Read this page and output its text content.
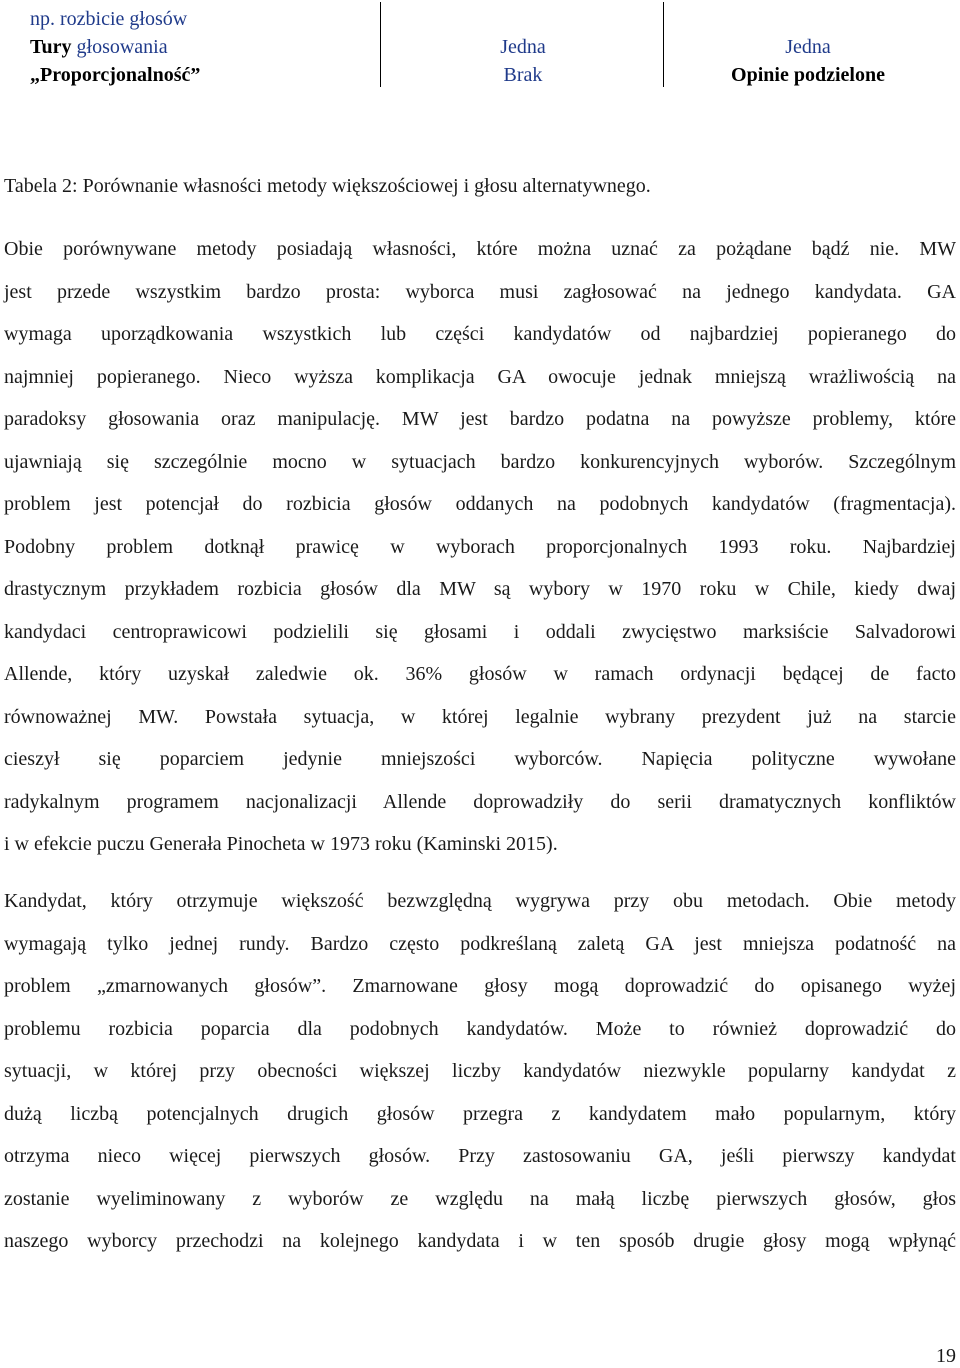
np. rozbicie głosów
Tury głosowania
„Proporcjonalność”
Jedna
Brak
Jedna
Opinie podzielone
Tabela 2: Porównanie własności metody większościowej i głosu alternatywnego.
Obie porównywane metody posiadają własności, które można uznać za pożądane bądź nie. MW
jest przede wszystkim bardzo prosta: wyborca musi zagłosować na jednego kandydata. GA
wymaga uporządkowania wszystkich lub części kandydatów od najbardziej popieranego do
najmniej popieranego. Nieco wyższa komplikacja GA owocuje jednak mniejszą wrażliwością na
paradoksy głosowania oraz manipulację. MW jest bardzo podatna na powyższe problemy, które
ujawniają się szczególnie mocno w sytuacjach bardzo konkurencyjnych wyborów. Szczególnym
problem jest potencjał do rozbicia głosów oddanych na podobnych kandydatów (fragmentacja).
Podobny problem dotknął prawicę w wyborach proporcjonalnych 1993 roku. Najbardziej
drastycznym przykładem rozbicia głosów dla MW są wybory w 1970 roku w Chile, kiedy dwaj
kandydaci centroprawicowi podzielili się głosami i oddali zwycięstwo marksiście Salvadorowi
Allende, który uzyskał zaledwie ok. 36% głosów w ramach ordynacji będącej de facto
równoważnej MW. Powstała sytuacja, w której legalnie wybrany prezydent już na starcie
cieszył się poparciem jedynie mniejszości wyborców. Napięcia polityczne wywołane
radykalnym programem nacjonalizacji Allende doprowadziły do serii dramatycznych konfliktów
i w efekcie puczu Generała Pinocheta w 1973 roku (Kaminski 2015).
Kandydat, który otrzymuje większość bezwzględną wygrywa przy obu metodach. Obie metody
wymagają tylko jednej rundy. Bardzo często podkreślaną zaletą GA jest mniejsza podatność na
problem „zmarnowanych głosów”. Zmarnowane głosy mogą doprowadzić do opisanego wyżej
problemu rozbicia poparcia dla podobnych kandydatów. Może to również doprowadzić do
sytuacji, w której przy obecności większej liczby kandydatów niezwykle popularny kandydat z
dużą liczbą potencjalnych drugich głosów przegra z kandydatem mało popularnym, który
otrzyma nieco więcej pierwszych głosów. Przy zastosowaniu GA, jeśli pierwszy kandydat
zostanie wyeliminowany z wyborów ze względu na małą liczbę pierwszych głosów, głos
naszego wyborcy przechodzi na kolejnego kandydata i w ten sposób drugie głosy mogą wpłynąć
19
